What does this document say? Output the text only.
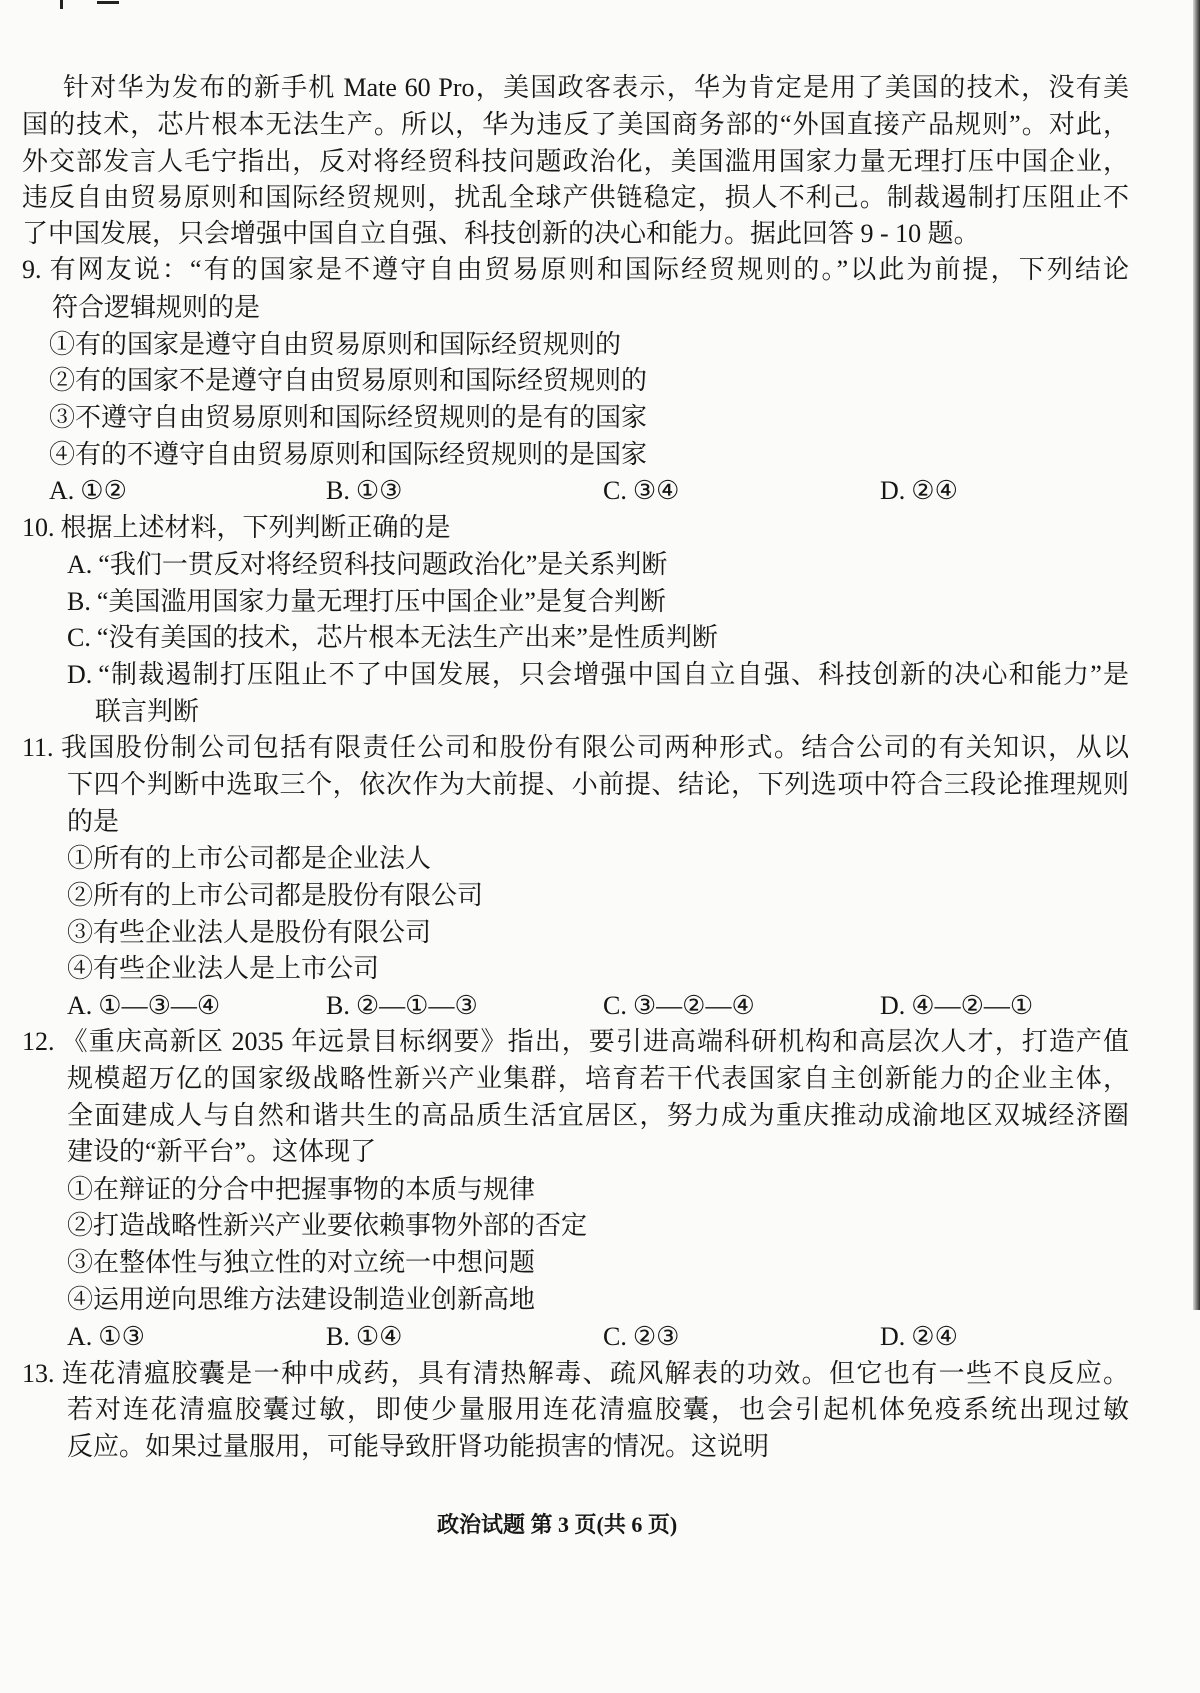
针对华为发布的新手机 Mate 60 Pro，美国政客表示，华为肯定是用了美国的技术，没有美
国的技术，芯片根本无法生产。所以，华为违反了美国商务部的“外国直接产品规则”。对此，
外交部发言人毛宁指出，反对将经贸科技问题政治化，美国滥用国家力量无理打压中国企业，
违反自由贸易原则和国际经贸规则，扰乱全球产供链稳定，损人不利己。制裁遏制打压阻止不
了中国发展，只会增强中国自立自强、科技创新的决心和能力。据此回答 9 - 10 题。
9. 有网友说：“有的国家是不遵守自由贸易原则和国际经贸规则的。”以此为前提，下列结论
符合逻辑规则的是
①有的国家是遵守自由贸易原则和国际经贸规则的
②有的国家不是遵守自由贸易原则和国际经贸规则的
③不遵守自由贸易原则和国际经贸规则的是有的国家
④有的不遵守自由贸易原则和国际经贸规则的是国家
A. ①②	B. ①③	C. ③④	D. ②④
10. 根据上述材料，下列判断正确的是
A. “我们一贯反对将经贸科技问题政治化”是关系判断
B. “美国滥用国家力量无理打压中国企业”是复合判断
C. “没有美国的技术，芯片根本无法生产出来”是性质判断
D. “制裁遏制打压阻止不了中国发展，只会增强中国自立自强、科技创新的决心和能力”是
联言判断
11. 我国股份制公司包括有限责任公司和股份有限公司两种形式。结合公司的有关知识，从以
下四个判断中选取三个，依次作为大前提、小前提、结论，下列选项中符合三段论推理规则
的是
①所有的上市公司都是企业法人
②所有的上市公司都是股份有限公司
③有些企业法人是股份有限公司
④有些企业法人是上市公司
A. ①—③—④	B. ②—①—③	C. ③—②—④	D. ④—②—①
12. 《重庆高新区 2035 年远景目标纲要》指出，要引进高端科研机构和高层次人才，打造产值
规模超万亿的国家级战略性新兴产业集群，培育若干代表国家自主创新能力的企业主体，
全面建成人与自然和谐共生的高品质生活宜居区，努力成为重庆推动成渝地区双城经济圈
建设的“新平台”。这体现了
①在辩证的分合中把握事物的本质与规律
②打造战略性新兴产业要依赖事物外部的否定
③在整体性与独立性的对立统一中想问题
④运用逆向思维方法建设制造业创新高地
A. ①③	B. ①④	C. ②③	D. ②④
13. 连花清瘟胶囊是一种中成药，具有清热解毒、疏风解表的功效。但它也有一些不良反应。
若对连花清瘟胶囊过敏，即使少量服用连花清瘟胶囊，也会引起机体免疫系统出现过敏
反应。如果过量服用，可能导致肝肾功能损害的情况。这说明
政治试题 第 3 页(共 6 页)
